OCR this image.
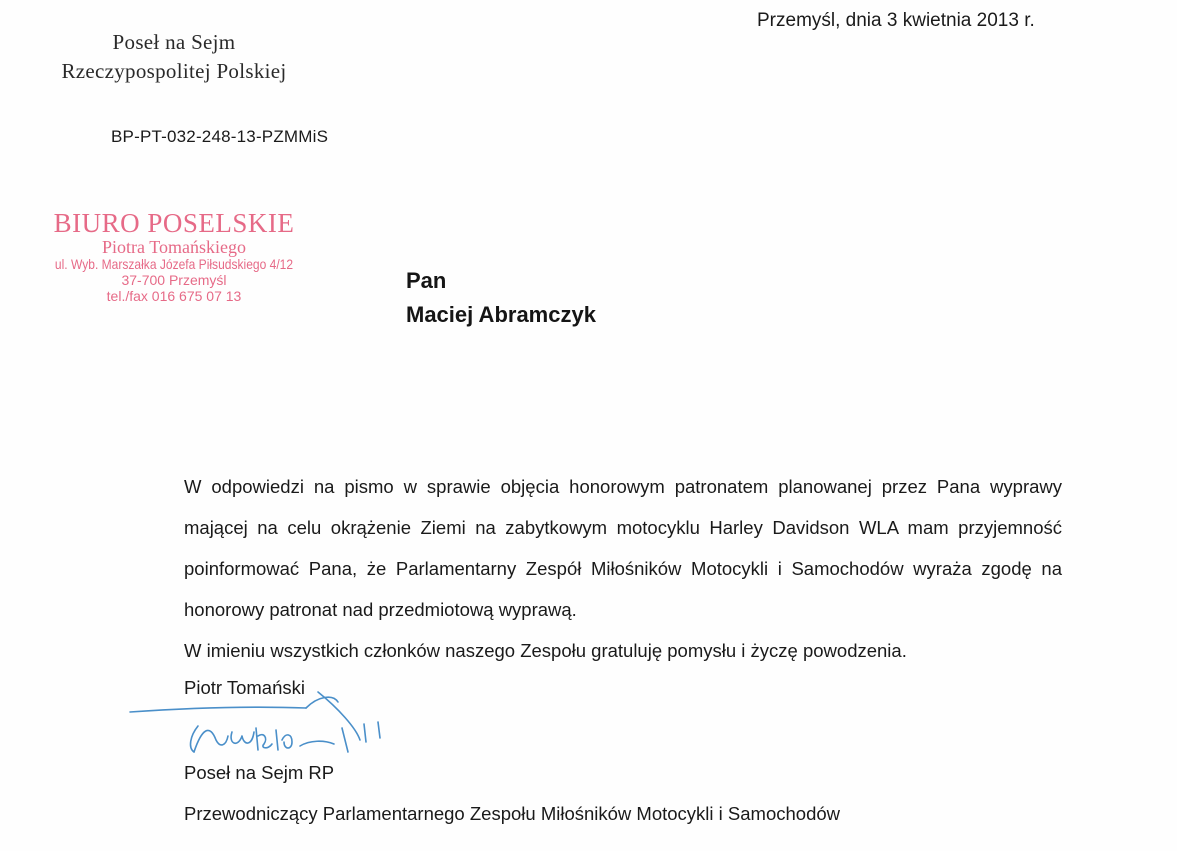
Przemyśl, dnia 3 kwietnia 2013 r.
Poseł na Sejm
Rzeczypospolitej Polskiej
BP-PT-032-248-13-PZMMiS
BIURO POSELSKIE
Piotra Tomańskiego
ul. Wyb. Marszałka Józefa Piłsudskiego 4/12
37-700 Przemyśl
tel./fax 016 675 07 13
Pan
Maciej Abramczyk

W odpowiedzi na pismo w sprawie objęcia honorowym patronatem planowanej przez Pana wyprawy mającej na celu okrążenie Ziemi na zabytkowym motocyklu Harley Davidson WLA mam przyjemność poinformować Pana, że Parlamentarny Zespół Miłośników Motocykli i Samochodów wyraża zgodę na honorowy patronat nad przedmiotową wyprawą.

W imieniu wszystkich członków naszego Zespołu gratuluję pomysłu i życzę powodzenia.

Piotr Tomański
Poseł na Sejm RP
Przewodniczący Parlamentarnego Zespołu Miłośników Motocykli i Samochodów
